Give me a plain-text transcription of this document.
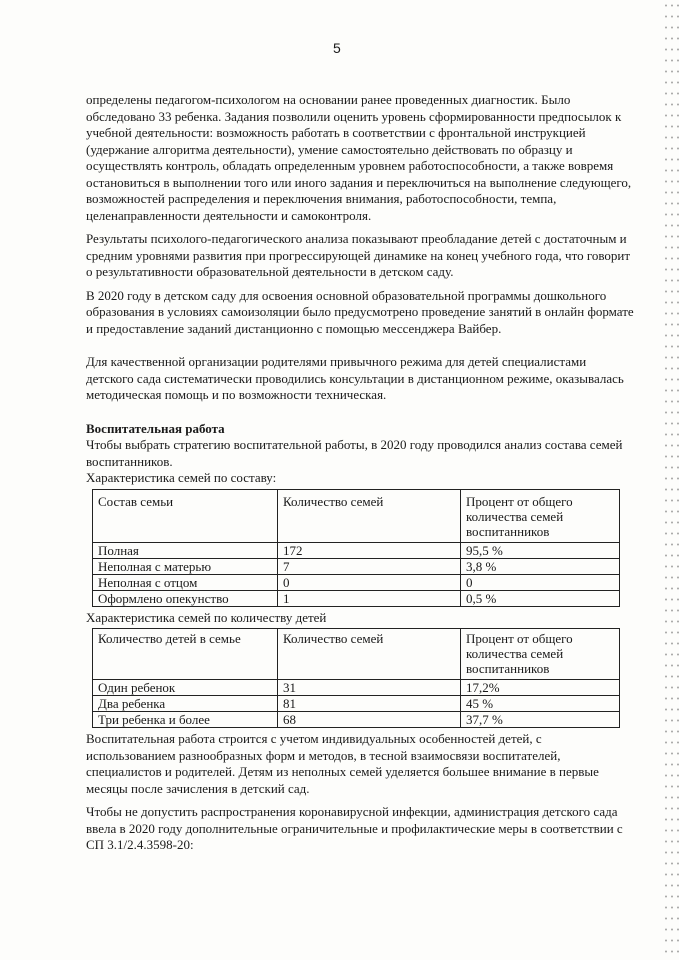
5

определены педагогом-психологом на основании ранее проведенных диагностик. Было обследовано 33 ребенка. Задания позволили оценить уровень сформированности предпосылок к учебной деятельности: возможность работать в соответствии с фронтальной инструкцией (удержание алгоритма деятельности), умение самостоятельно действовать по образцу и осуществлять контроль, обладать определенным уровнем работоспособности, а также вовремя остановиться в выполнении того или иного задания и переключиться на выполнение следующего, возможностей распределения и переключения внимания, работоспособности, темпа, целенаправленности деятельности и самоконтроля.

Результаты психолого-педагогического анализа показывают преобладание детей с достаточным и средним уровнями развития при прогрессирующей динамике на конец учебного года, что говорит о результативности образовательной деятельности в детском саду.

В 2020 году в детском саду для освоения основной образовательной программы дошкольного образования в условиях самоизоляции было предусмотрено проведение занятий в онлайн формате и предоставление заданий дистанционно с помощью мессенджера Вайбер.

Для качественной организации родителями привычного режима для детей специалистами детского сада систематически проводились консультации в дистанционном режиме, оказывалась методическая помощь и по возможности техническая.

Воспитательная работа

Чтобы выбрать стратегию воспитательной работы, в 2020 году проводился анализ состава семей воспитанников.

Характеристика семей по составу:
Состав семьи	Количество семей	Процент от общего количества семей воспитанников
Полная	172	95,5 %
Неполная с матерью	7	3,8 %
Неполная с отцом	0	0
Оформлено опекунство	1	0,5 %
Характеристика семей по количеству детей
Количество детей в семье	Количество семей	Процент от общего количества семей воспитанников
Один ребенок	31	17,2%
Два ребенка	81	45 %
Три ребенка и более	68	37,7 %

Воспитательная работа строится с учетом индивидуальных особенностей детей, с использованием разнообразных форм и методов, в тесной взаимосвязи воспитателей, специалистов и родителей. Детям из неполных семей уделяется большее внимание в первые месяцы после зачисления в детский сад.

Чтобы не допустить распространения коронавирусной инфекции, администрация детского сада ввела в 2020 году дополнительные ограничительные и профилактические меры в соответствии с СП 3.1/2.4.3598-20:
